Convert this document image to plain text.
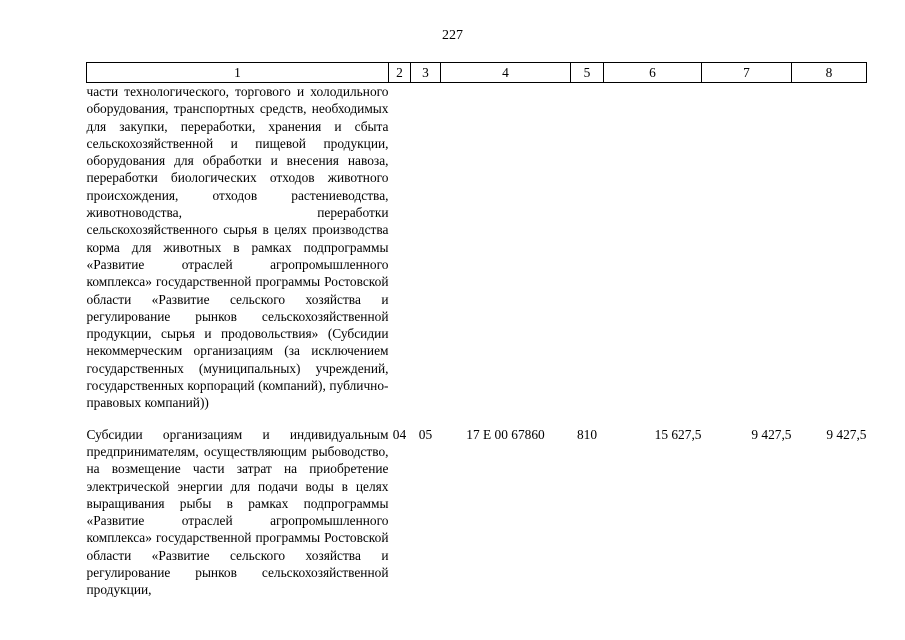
227
1	2	3	4	5	6	7	8
части технологического, торгового и холодильного оборудования, транспортных средств, необходимых для закупки, переработки, хранения и сбыта сельскохозяйственной и пищевой продукции, оборудования для обработки и внесения навоза, переработки биологических отходов животного происхождения, отходов растениеводства, животноводства, переработки сельскохозяйственного сырья в целях производства корма для животных в рамках подпрограммы «Развитие отраслей агропромышленного комплекса» государственной программы Ростовской области «Развитие сельского хозяйства и регулирование рынков сельскохозяйственной продукции, сырья и продовольствия» (Субсидии некоммерческим организациям (за исключением государственных (муниципальных) учреждений, государственных корпораций (компаний), публично-правовых компаний))							

Субсидии организациям и индивидуальным предпринимателям, осуществляющим рыбоводство, на возмещение части затрат на приобретение электрической энергии для подачи воды в целях выращивания рыбы в рамках подпрограммы «Развитие отраслей агропромышленного комплекса» государственной программы Ростовской области «Развитие сельского хозяйства и регулирование рынков сельскохозяйственной продукции,	04	05	17 Е 00 67860	810	15 627,5	9 427,5	9 427,5
